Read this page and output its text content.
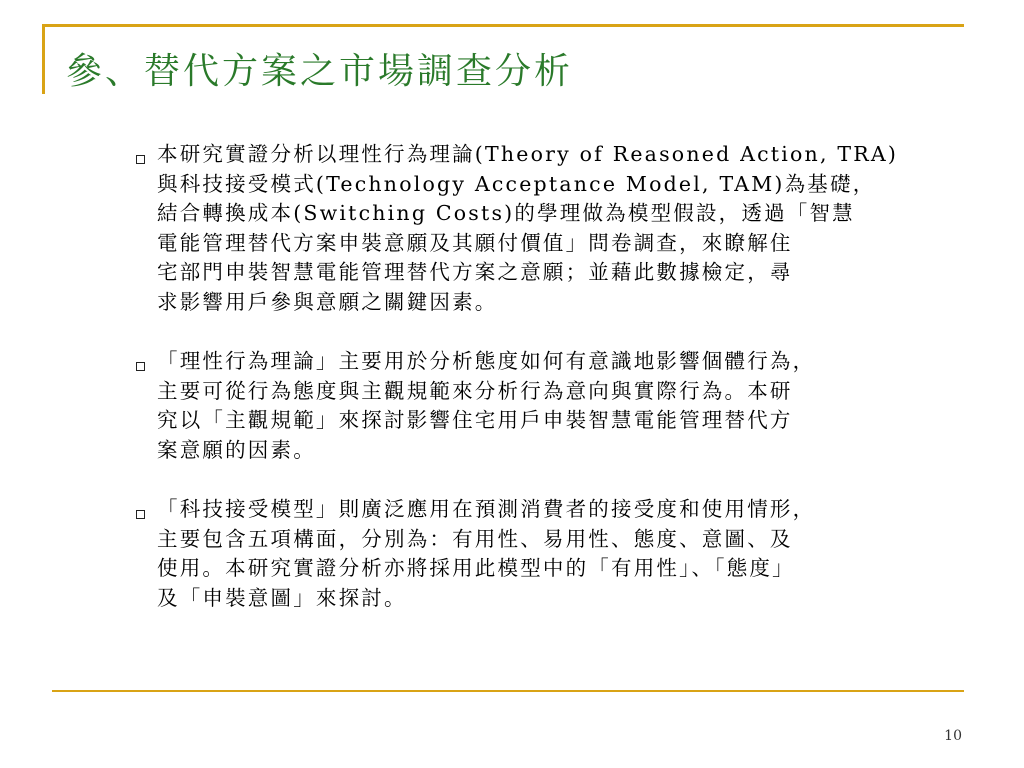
參、替代方案之市場調查分析
本研究實證分析以理性行為理論(Theory of Reasoned Action, TRA)
與科技接受模式(Technology Acceptance Model, TAM)為基礎，
結合轉換成本(Switching Costs)的學理做為模型假設，透過「智慧
電能管理替代方案申裝意願及其願付價值」問卷調查，來瞭解住
宅部門申裝智慧電能管理替代方案之意願；並藉此數據檢定，尋
求影響用戶參與意願之關鍵因素。
「理性行為理論」主要用於分析態度如何有意識地影響個體行為，
主要可從行為態度與主觀規範來分析行為意向與實際行為。本研
究以「主觀規範」來探討影響住宅用戶申裝智慧電能管理替代方
案意願的因素。
「科技接受模型」則廣泛應用在預測消費者的接受度和使用情形，
主要包含五項構面，分別為：有用性、易用性、態度、意圖、及
使用。本研究實證分析亦將採用此模型中的「有用性」、「態度」
及「申裝意圖」來探討。
10
